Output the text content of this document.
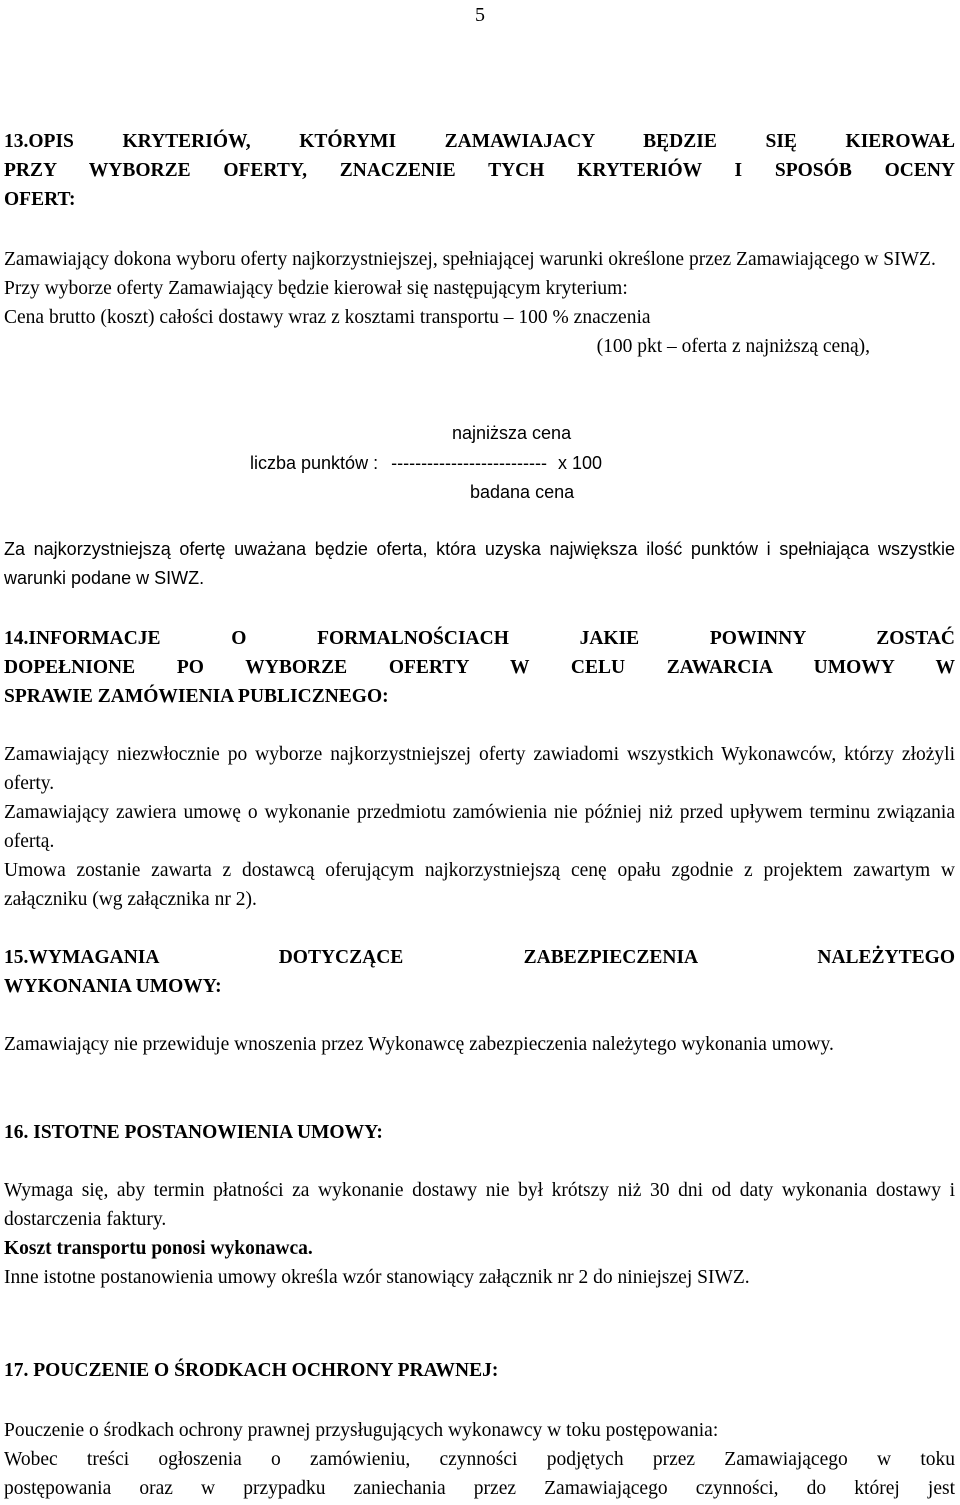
5
13.OPIS KRYTERIÓW, KTÓRYMI ZAMAWIAJACY BĘDZIE SIĘ KIEROWAŁ
PRZY WYBORZE OFERTY, ZNACZENIE TYCH KRYTERIÓW I SPOSÓB OCENY
OFERT:

Zamawiający dokona wyboru oferty najkorzystniejszej, spełniającej warunki określone przez Zamawiającego w SIWZ.

Przy wyborze oferty Zamawiający będzie kierował się następującym kryterium:

Cena brutto (koszt) całości dostawy wraz z kosztami transportu – 100 % znaczenia

(100 pkt – oferta z najniższą ceną),

najniższa cena
liczba punktów : -------------------------- x 100
badana cena
Za najkorzystniejszą ofertę uważana będzie oferta, która uzyska największa ilość punktów i spełniająca wszystkie warunki podane w SIWZ.
14.INFORMACJE O FORMALNOŚCIACH JAKIE POWINNY ZOSTAĆ
DOPEŁNIONE PO WYBORZE OFERTY W CELU ZAWARCIA UMOWY W
SPRAWIE ZAMÓWIENIA PUBLICZNEGO:

Zamawiający niezwłocznie po wyborze najkorzystniejszej oferty zawiadomi wszystkich Wykonawców, którzy złożyli oferty.

Zamawiający zawiera umowę o wykonanie przedmiotu zamówienia nie później niż przed upływem terminu związania ofertą.

Umowa zostanie zawarta z dostawcą oferującym najkorzystniejszą cenę opału zgodnie z projektem zawartym w załączniku (wg załącznika nr 2).

15.WYMAGANIA DOTYCZĄCE ZABEZPIECZENIA NALEŻYTEGO
WYKONANIA UMOWY:
Zamawiający nie przewiduje wnoszenia przez Wykonawcę zabezpieczenia należytego wykonania umowy.
16. ISTOTNE POSTANOWIENIA UMOWY:

Wymaga się, aby termin płatności za wykonanie dostawy nie był krótszy niż 30 dni od daty wykonania dostawy i dostarczenia faktury.

Koszt transportu ponosi wykonawca.

Inne istotne postanowienia umowy określa wzór stanowiący załącznik nr 2 do niniejszej SIWZ.

17. POUCZENIE O ŚRODKACH OCHRONY PRAWNEJ:

Pouczenie o środkach ochrony prawnej przysługujących wykonawcy w toku postępowania:

Wobec treści ogłoszenia o zamówieniu, czynności podjętych przez Zamawiającego w toku

postępowania oraz w przypadku zaniechania przez Zamawiającego czynności, do której jest
